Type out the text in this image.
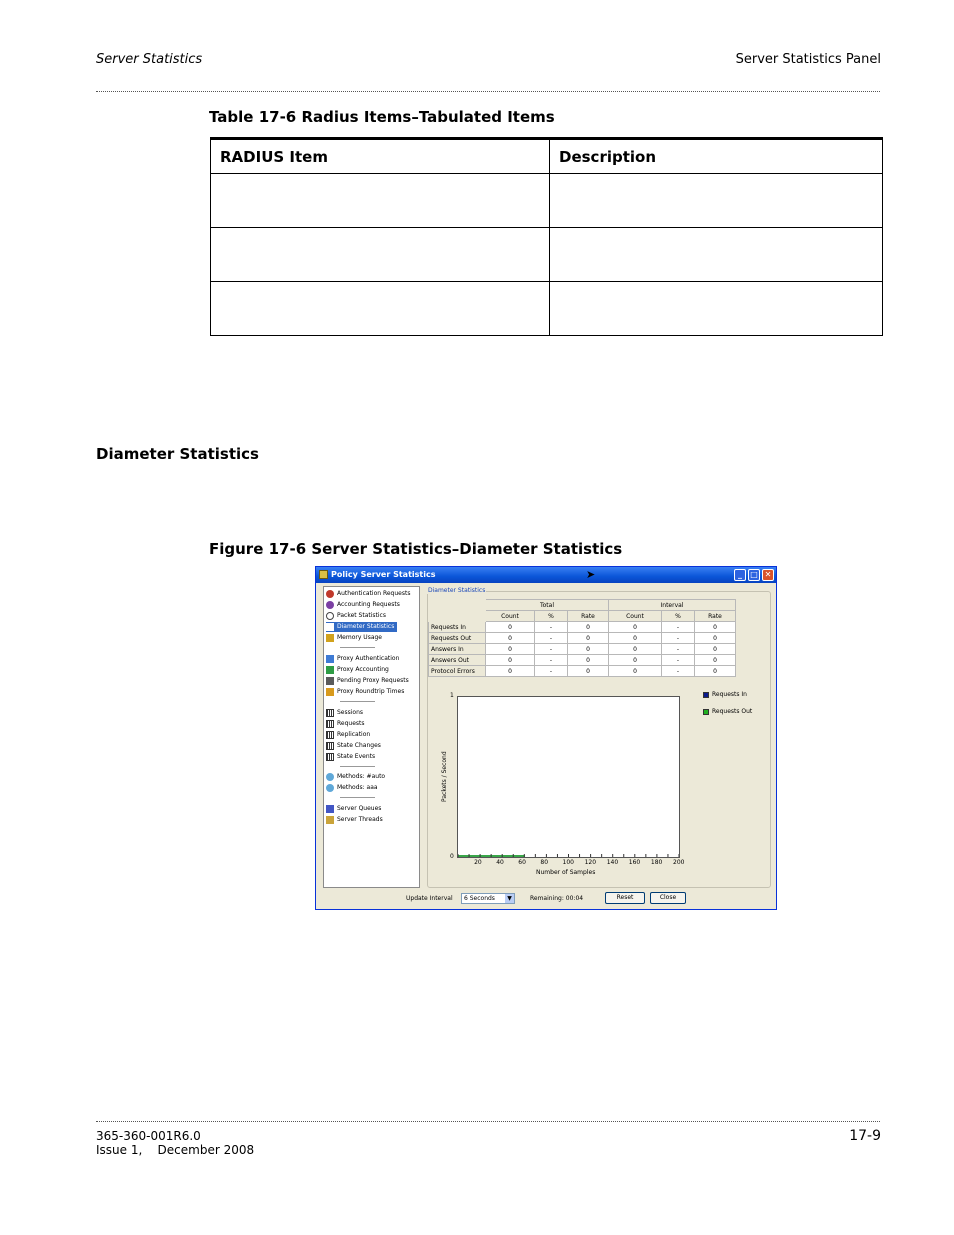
Server Statistics	Server Statistics Panel
Table 17-6 Radius Items–Tabulated Items
RADIUS Item	Description

Diameter Statistics
Figure 17-6 Server Statistics–Diameter Statistics
Policy Server Statistics	➤	_	□ ✕
Authentication Requests
Accounting Requests
Packet Statistics
Diameter Statistics
Memory Usage
Proxy Authentication
Proxy Accounting
Pending Proxy Requests
Proxy Roundtrip Times
Sessions
Requests
Replication
State Changes
State Events
Methods: #auto
Methods: aaa
Server Queues
Server Threads
Diameter Statistics
	Total			Interval		
	Count	%	Rate	Count	%	Rate
Requests In	0	-	0	0	-	0
Requests Out	0	-	0	0	-	0
Answers In	0	-	0	0	-	0
Answers Out	0	-	0	0	-	0
Protocol Errors	0	-	0	0	-	0
1
0
Packets / Second
20 40 60 80 100 120 140 160 180 200
Number of Samples
Requests In
Requests Out
Update Interval	6 Seconds	▼	Remaining: 00:04	Reset	Close
365-360-001R6.0
Issue 1,    December 2008
17-9
